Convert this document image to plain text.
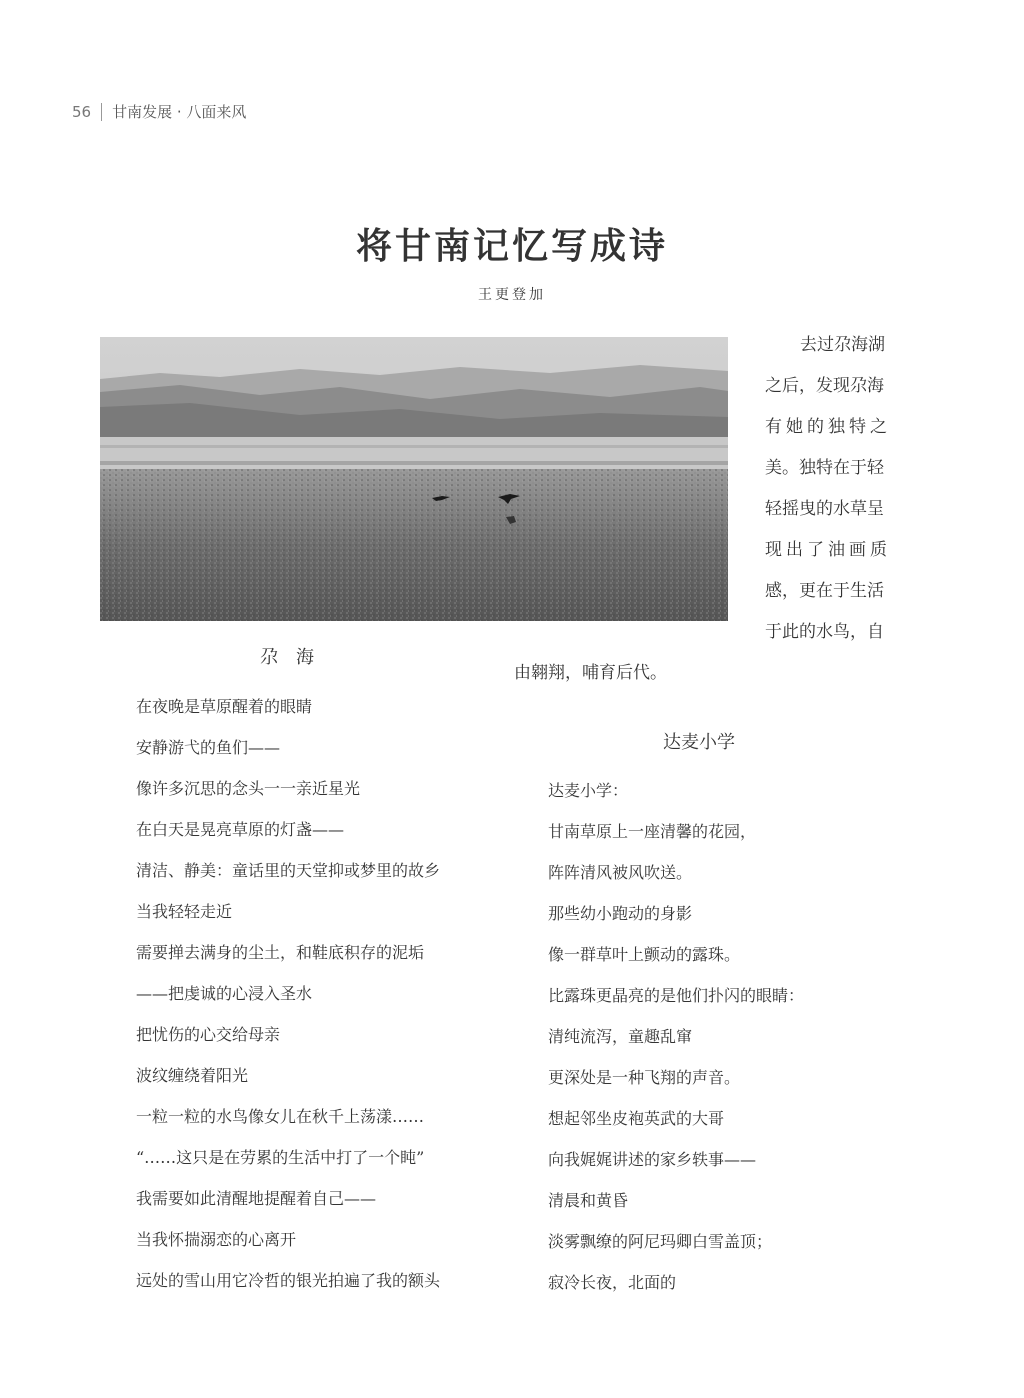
56 甘南发展 · 八面来风
将甘南记忆写成诗
王更登加
去过尕海湖
之后，发现尕海
有她的独特之
美。独特在于轻
轻摇曳的水草呈
现出了油画质
感，更在于生活
于此的水鸟，自
由翱翔，哺育后代。
尕　海
在夜晚是草原醒着的眼睛
安静游弋的鱼们——
像许多沉思的念头一一亲近星光
在白天是晃亮草原的灯盏——
清洁、静美：童话里的天堂抑或梦里的故乡
当我轻轻走近
需要掸去满身的尘土，和鞋底积存的泥垢
——把虔诚的心浸入圣水
把忧伤的心交给母亲
波纹缠绕着阳光
一粒一粒的水鸟像女儿在秋千上荡漾……
“……这只是在劳累的生活中打了一个盹”
我需要如此清醒地提醒着自己——
当我怀揣溺恋的心离开
远处的雪山用它冷哲的银光拍遍了我的额头
达麦小学
达麦小学：
甘南草原上一座清馨的花园，
阵阵清风被风吹送。
那些幼小跑动的身影
像一群草叶上颤动的露珠。
比露珠更晶亮的是他们扑闪的眼睛：
清纯流泻，童趣乱窜
更深处是一种飞翔的声音。
想起邻坐皮袍英武的大哥
向我娓娓讲述的家乡轶事——
清晨和黄昏
淡雾飘缭的阿尼玛卿白雪盖顶；
寂冷长夜，北面的
